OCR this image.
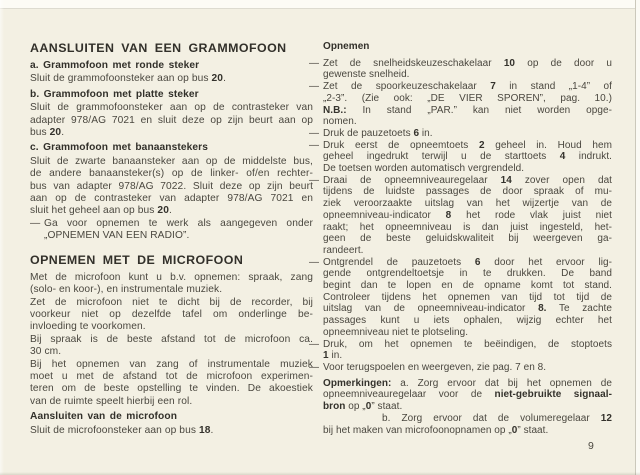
AANSLUITEN VAN EEN GRAMMOFOON
a. Grammofoon met ronde steker
Sluit de grammofoonsteker aan op bus 20.
b. Grammofoon met platte steker
Sluit de grammofoonsteker aan op de contrasteker van
adapter 978/AG 7021 en sluit deze op zijn beurt aan op
bus 20.
c. Grammofoon met banaanstekers
Sluit de zwarte banaansteker aan op de middelste bus,
de andere banaansteker(s) op de linker- of/en rechter-
bus van adapter 978/AG 7022. Sluit deze op zijn beurt
aan op de contrasteker van adapter 978/AG 7021 en
sluit het geheel aan op bus 20.
— Ga voor opnemen te werk als aangegeven onder
„OPNEMEN VAN EEN RADIO”.
OPNEMEN MET DE MICROFOON
Met de microfoon kunt u b.v. opnemen: spraak, zang
(solo- en koor-), en instrumentale muziek.
Zet de microfoon niet te dicht bij de recorder, bij
voorkeur niet op dezelfde tafel om onderlinge be-
invloeding te voorkomen.
Bij spraak is de beste afstand tot de microfoon ca.
30 cm.
Bij het opnemen van zang of instrumentale muziek
moet u met de afstand tot de microfoon experimen-
teren om de beste opstelling te vinden. De akoestiek
van de ruimte speelt hierbij een rol.
Aansluiten van de microfoon
Sluit de microfoonsteker aan op bus 18.
Opnemen
— Zet de snelheidskeuzeschakelaar 10 op de door u
gewenste snelheid.
— Zet de spoorkeuzeschakelaar 7 in stand „1-4” of
„2-3”. (Zie ook: „DE VIER SPOREN”, pag. 10.)
N.B.: In stand „PAR.” kan niet worden opge-
nomen.
— Druk de pauzetoets 6 in.
— Druk eerst de opneemtoets 2 geheel in. Houd hem
geheel ingedrukt terwijl u de starttoets 4 indrukt.
De toetsen worden automatisch vergrendeld.
— Draai de opneemniveauregelaar 14 zover open dat
tijdens de luidste passages de door spraak of mu-
ziek veroorzaakte uitslag van het wijzertje van de
opneemniveau-indicator 8 het rode vlak juist niet
raakt; het opneemniveau is dan juist ingesteld, het-
geen de beste geluidskwaliteit bij weergeven ga-
randeert.
— Ontgrendel de pauzetoets 6 door het ervoor lig-
gende ontgrendeltoetsje in te drukken. De band
begint dan te lopen en de opname komt tot stand.
Controleer tijdens het opnemen van tijd tot tijd de
uitslag van de opneemniveau-indicator 8. Te zachte
passages kunt u iets ophalen, wijzig echter het
opneemniveau niet te plotseling.
— Druk, om het opnemen te beëindigen, de stoptoets
1 in.
— Voor terugspoelen en weergeven, zie pag. 7 en 8.
Opmerkingen: a. Zorg ervoor dat bij het opnemen de
opneemniveauregelaar voor de niet-gebruikte signaal-
bron op „0” staat.
b. Zorg ervoor dat de volumeregelaar 12
bij het maken van microfoonopnamen op „0” staat.
9
